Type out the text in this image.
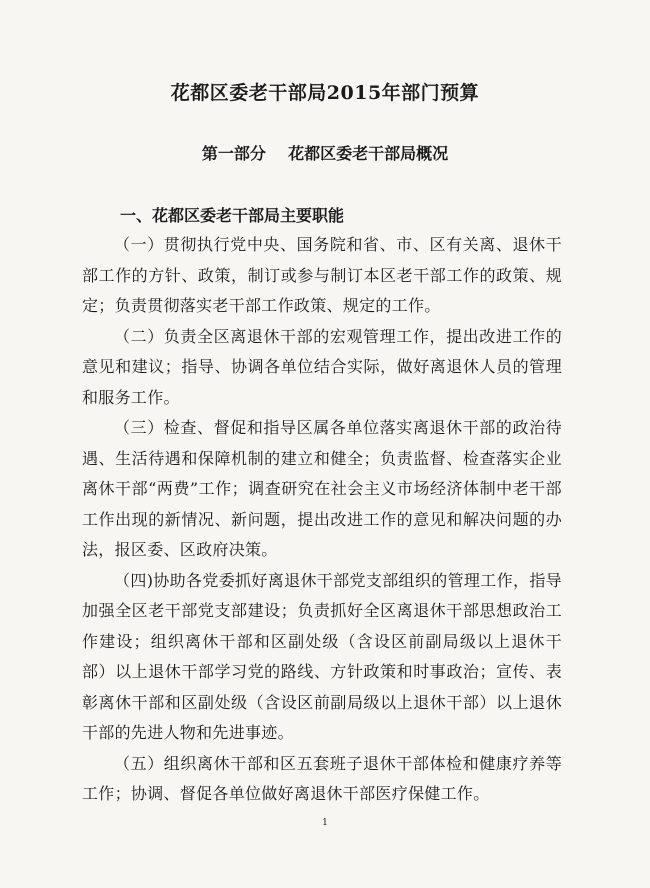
花都区委老干部局2015年部门预算
第一部分    花都区委老干部局概况
一、花都区委老干部局主要职能

（一）贯彻执行党中央、国务院和省、市、区有关离、退休干部工作的方针、政策，制订或参与制订本区老干部工作的政策、规定；负责贯彻落实老干部工作政策、规定的工作。

（二）负责全区离退休干部的宏观管理工作，提出改进工作的意见和建议；指导、协调各单位结合实际，做好离退休人员的管理和服务工作。

（三）检查、督促和指导区属各单位落实离退休干部的政治待遇、生活待遇和保障机制的建立和健全；负责监督、检查落实企业离休干部“两费”工作；调查研究在社会主义市场经济体制中老干部工作出现的新情况、新问题，提出改进工作的意见和解决问题的办法，报区委、区政府决策。

（四)协助各党委抓好离退休干部党支部组织的管理工作，指导加强全区老干部党支部建设；负责抓好全区离退休干部思想政治工作建设；组织离休干部和区副处级（含设区前副局级以上退休干部）以上退休干部学习党的路线、方针政策和时事政治；宣传、表彰离休干部和区副处级（含设区前副局级以上退休干部）以上退休干部的先进人物和先进事迹。

（五）组织离休干部和区五套班子退休干部体检和健康疗养等工作；协调、督促各单位做好离退休干部医疗保健工作。

1
